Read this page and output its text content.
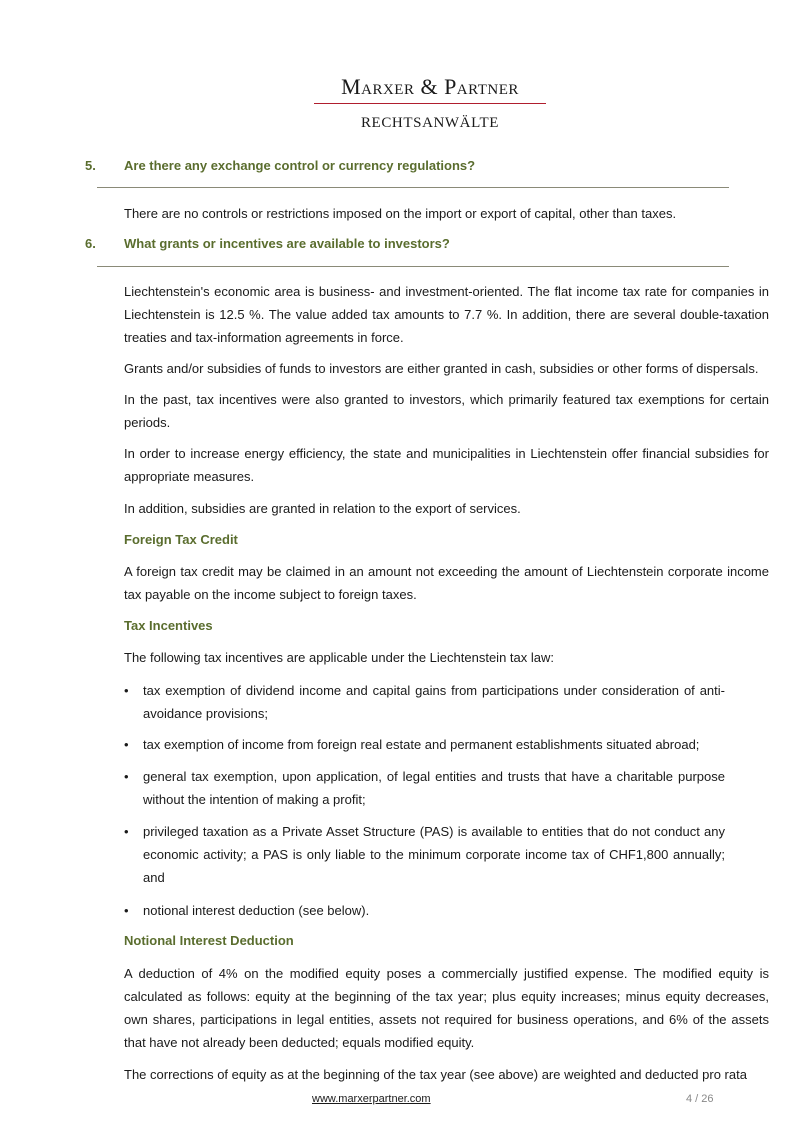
Marxer & Partner
RECHTSANWÄLTE
5. Are there any exchange control or currency regulations?

There are no controls or restrictions imposed on the import or export of capital, other than taxes.

6. What grants or incentives are available to investors?

Liechtenstein's economic area is business- and investment-oriented. The flat income tax rate for companies in Liechtenstein is 12.5 %. The value added tax amounts to 7.7 %. In addition, there are several double-taxation treaties and tax-information agreements in force.

Grants and/or subsidies of funds to investors are either granted in cash, subsidies or other forms of dispersals.

In the past, tax incentives were also granted to investors, which primarily featured tax exemptions for certain periods.

In order to increase energy efficiency, the state and municipalities in Liechtenstein offer financial subsidies for appropriate measures.

In addition, subsidies are granted in relation to the export of services.

Foreign Tax Credit

A foreign tax credit may be claimed in an amount not exceeding the amount of Liechtenstein corporate income tax payable on the income subject to foreign taxes.

Tax Incentives

The following tax incentives are applicable under the Liechtenstein tax law:

• tax exemption of dividend income and capital gains from participations under consideration of anti-avoidance provisions;
• tax exemption of income from foreign real estate and permanent establishments situated abroad;
• general tax exemption, upon application, of legal entities and trusts that have a charitable purpose without the intention of making a profit;
• privileged taxation as a Private Asset Structure (PAS) is available to entities that do not conduct any economic activity; a PAS is only liable to the minimum corporate income tax of CHF1,800 annually; and
• notional interest deduction (see below).
Notional Interest Deduction

A deduction of 4% on the modified equity poses a commercially justified expense. The modified equity is calculated as follows: equity at the beginning of the tax year; plus equity increases; minus equity decreases, own shares, participations in legal entities, assets not required for business operations, and 6% of the assets that have not already been deducted; equals modified equity.

The corrections of equity as at the beginning of the tax year (see above) are weighted and deducted pro rata

www.marxerpartner.com	4 / 26
